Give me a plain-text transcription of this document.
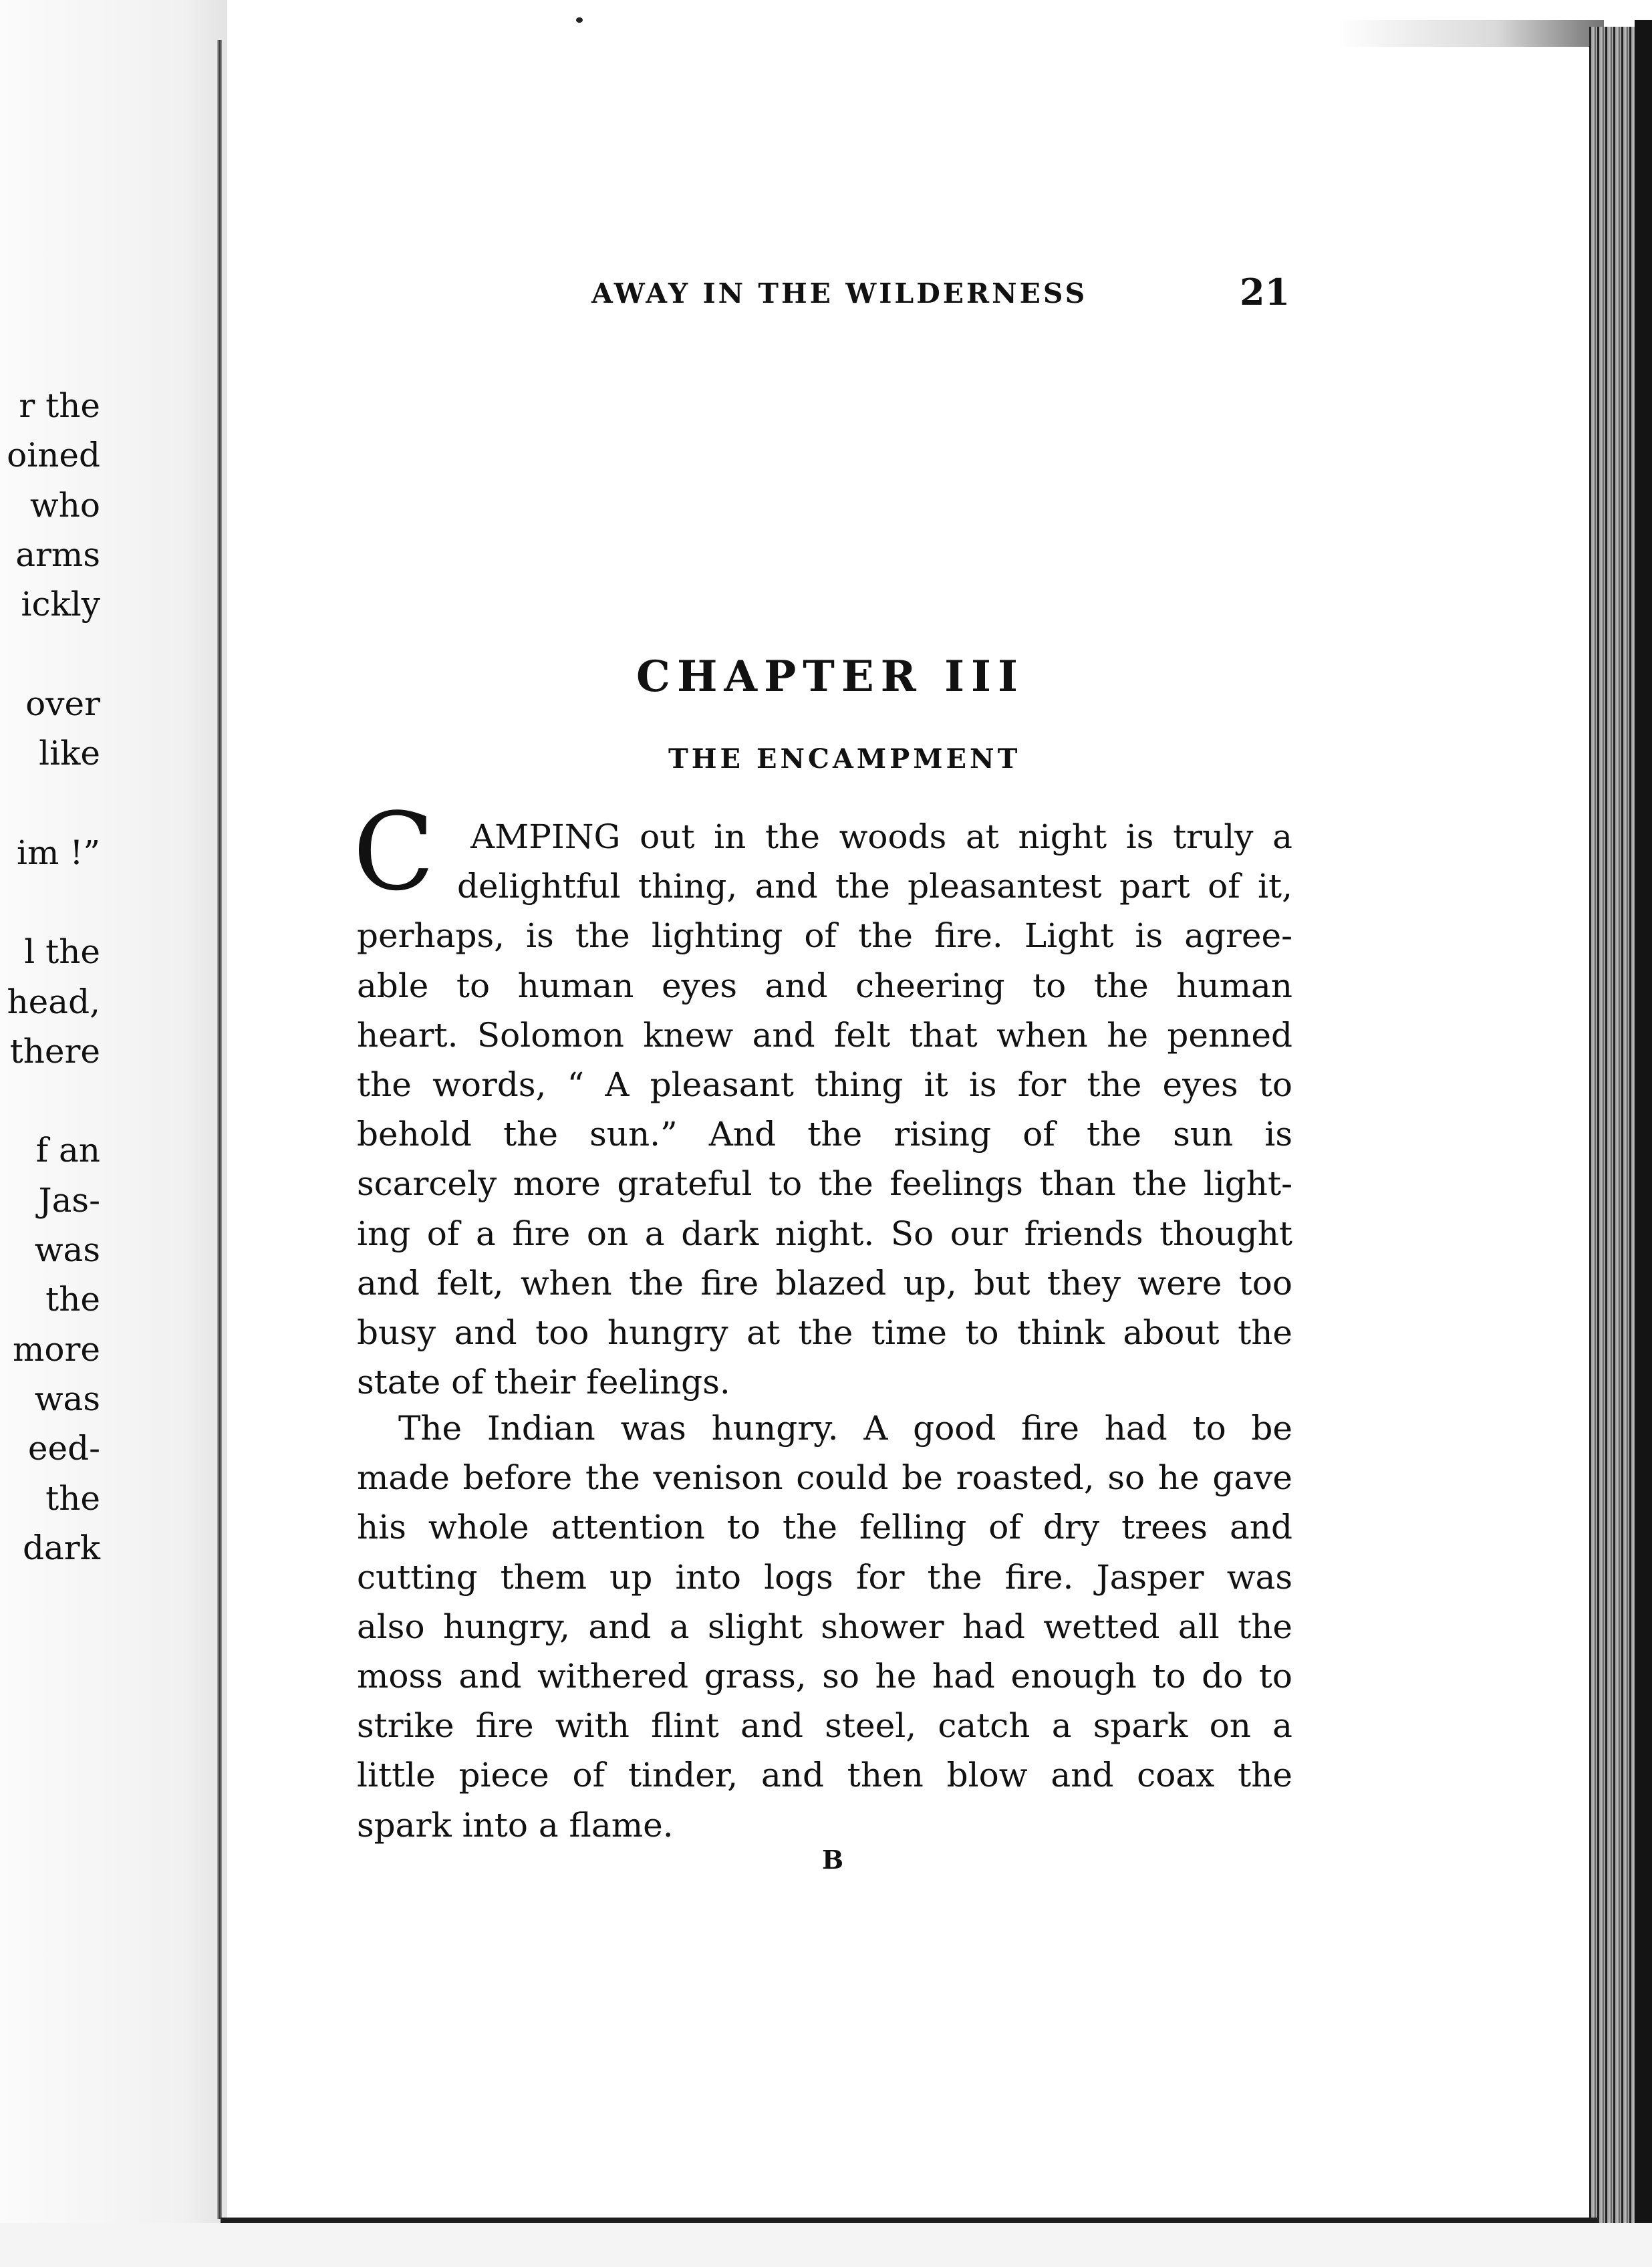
r the
oined
who
arms
ickly
over
like
im !”
l the
head,
there
f an
Jas-
was
the
more
was
eed-
the
dark
AWAY IN THE WILDERNESS	21
CHAPTER III
THE ENCAMPMENT
C	AMPING out in the woods at night is truly a
delightful thing, and the pleasantest part of it,
perhaps, is the lighting of the fire. Light is agree-
able to human eyes and cheering to the human
heart. Solomon knew and felt that when he penned
the words, “ A pleasant thing it is for the eyes to
behold the sun.” And the rising of the sun is
scarcely more grateful to the feelings than the light-
ing of a fire on a dark night. So our friends thought
and felt, when the fire blazed up, but they were too
busy and too hungry at the time to think about the
state of their feelings.
The Indian was hungry. A good fire had to be
made before the venison could be roasted, so he gave
his whole attention to the felling of dry trees and
cutting them up into logs for the fire. Jasper was
also hungry, and a slight shower had wetted all the
moss and withered grass, so he had enough to do to
strike fire with flint and steel, catch a spark on a
little piece of tinder, and then blow and coax the
spark into a flame.
B
